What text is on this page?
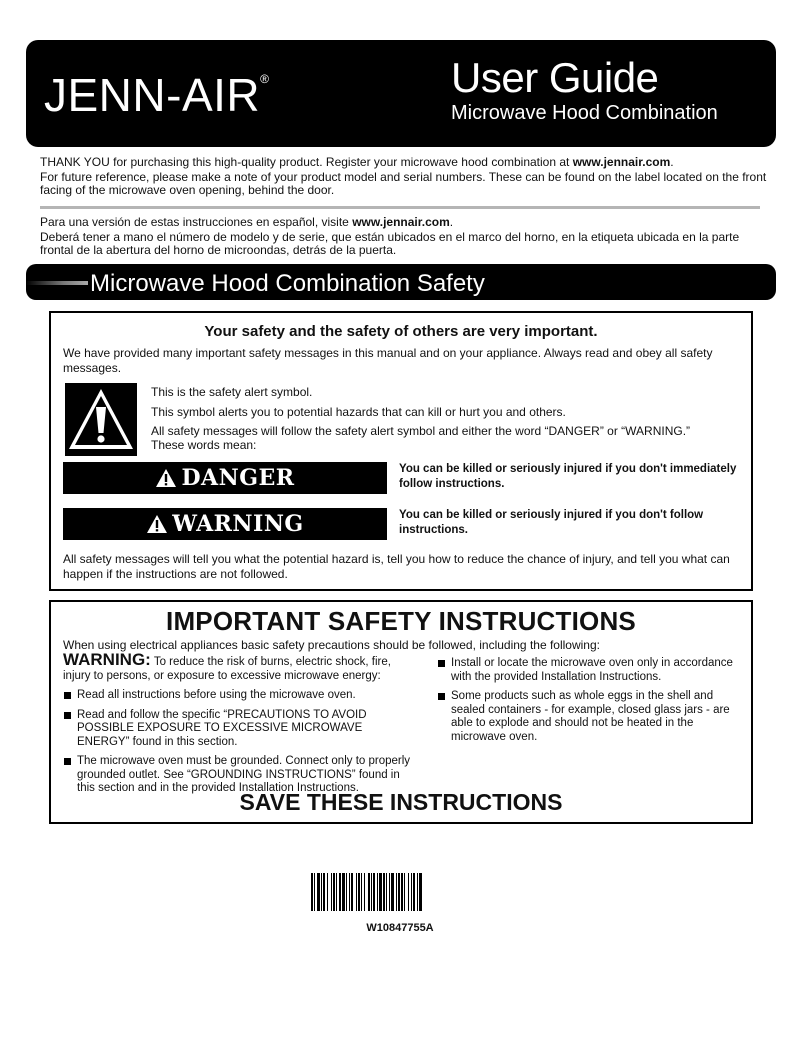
JENN-AIR®	User Guide
Microwave Hood Combination
THANK YOU for purchasing this high-quality product. Register your microwave hood combination at www.jennair.com.
For future reference, please make a note of your product model and serial numbers. These can be found on the label located on the front facing of the microwave oven opening, behind the door.
Para una versión de estas instrucciones en español, visite www.jennair.com.
Deberá tener a mano el número de modelo y de serie, que están ubicados en el marco del horno, en la etiqueta ubicada en la parte frontal de la abertura del horno de microondas, detrás de la puerta.
Microwave Hood Combination Safety
Your safety and the safety of others are very important.
We have provided many important safety messages in this manual and on your appliance. Always read and obey all safety messages.
This is the safety alert symbol.
This symbol alerts you to potential hazards that can kill or hurt you and others.
All safety messages will follow the safety alert symbol and either the word “DANGER” or “WARNING.”
These words mean:
DANGER	You can be killed or seriously injured if you don't immediately follow instructions.
WARNING	You can be killed or seriously injured if you don't follow instructions.
All safety messages will tell you what the potential hazard is, tell you how to reduce the chance of injury, and tell you what can happen if the instructions are not followed.
IMPORTANT SAFETY INSTRUCTIONS
When using electrical appliances basic safety precautions should be followed, including the following:
WARNING: To reduce the risk of burns, electric shock, fire, injury to persons, or exposure to excessive microwave energy:
Read all instructions before using the microwave oven.
Read and follow the specific “PRECAUTIONS TO AVOID POSSIBLE EXPOSURE TO EXCESSIVE MICROWAVE ENERGY” found in this section.
The microwave oven must be grounded. Connect only to properly grounded outlet. See “GROUNDING INSTRUCTIONS” found in this section and in the provided Installation Instructions.
Install or locate the microwave oven only in accordance with the provided Installation Instructions.
Some products such as whole eggs in the shell and sealed containers - for example, closed glass jars - are able to explode and should not be heated in the microwave oven.
SAVE THESE INSTRUCTIONS
W10847755A
